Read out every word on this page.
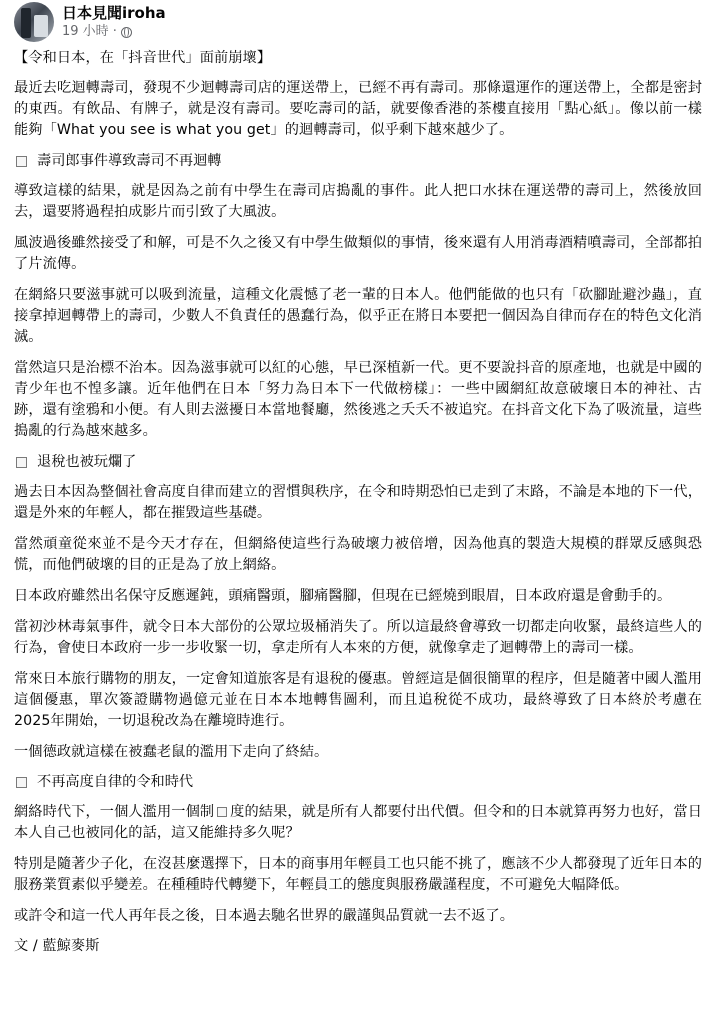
日本見聞iroha
19 小時 ·

【令和日本，在「抖音世代」面前崩壞】

最近去吃迴轉壽司，發現不少迴轉壽司店的運送帶上，已經不再有壽司。那條還運作的運送帶上，全都是密封的東西。有飲品、有牌子，就是沒有壽司。要吃壽司的話，就要像香港的茶樓直接用「點心紙」。像以前一樣能夠「What you see is what you get」的迴轉壽司，似乎剩下越來越少了。

壽司郎事件導致壽司不再迴轉

導致這樣的結果，就是因為之前有中學生在壽司店搗亂的事件。此人把口水抹在運送帶的壽司上，然後放回去，還要將過程拍成影片而引致了大風波。

風波過後雖然接受了和解，可是不久之後又有中學生做類似的事情，後來還有人用消毒酒精噴壽司，全部都拍了片流傳。

在網絡只要滋事就可以吸到流量，這種文化震憾了老一輩的日本人。他們能做的也只有「砍腳趾避沙蟲」，直接拿掉迴轉帶上的壽司，少數人不負責任的愚蠢行為，似乎正在將日本要把一個因為自律而存在的特色文化消滅。

當然這只是治標不治本。因為滋事就可以紅的心態，早已深植新一代。更不要說抖音的原產地，也就是中國的青少年也不惶多讓。近年他們在日本「努力為日本下一代做榜樣」：一些中國網紅故意破壞日本的神社、古跡，還有塗鴉和小便。有人則去滋擾日本當地餐廳，然後逃之夭夭不被追究。在抖音文化下為了吸流量，這些搗亂的行為越來越多。

退稅也被玩爛了

過去日本因為整個社會高度自律而建立的習慣與秩序，在令和時期恐怕已走到了末路，不論是本地的下一代，還是外來的年輕人，都在摧毀這些基礎。

當然頑童從來並不是今天才存在，但網絡使這些行為破壞力被倍增，因為他真的製造大規模的群眾反感與恐慌，而他們破壞的目的正是為了放上網絡。

日本政府雖然出名保守反應遲鈍，頭痛醫頭，腳痛醫腳，但現在已經燒到眼眉，日本政府還是會動手的。

當初沙林毒氣事件，就令日本大部份的公眾垃圾桶消失了。所以這最終會導致一切都走向收緊，最終這些人的行為，會使日本政府一步一步收緊一切，拿走所有人本來的方便，就像拿走了迴轉帶上的壽司一樣。

常來日本旅行購物的朋友，一定會知道旅客是有退稅的優惠。曾經這是個很簡單的程序，但是隨著中國人濫用這個優惠，單次簽證購物過億元並在日本本地轉售圖利，而且追稅從不成功，最終導致了日本終於考慮在2025年開始，一切退稅改為在離境時進行。

一個德政就這樣在被蠢老鼠的濫用下走向了終結。

不再高度自律的令和時代

網絡時代下，一個人濫用一個制 度的結果，就是所有人都要付出代價。但令和的日本就算再努力也好，當日本人自己也被同化的話，這又能維持多久呢？

特別是隨著少子化，在沒甚麼選擇下，日本的商事用年輕員工也只能不挑了，應該不少人都發現了近年日本的服務業質素似乎變差。在種種時代轉變下，年輕員工的態度與服務嚴謹程度，不可避免大幅降低。

或許令和這一代人再年長之後，日本過去馳名世界的嚴謹與品質就一去不返了。

文 / 藍鯨麥斯
